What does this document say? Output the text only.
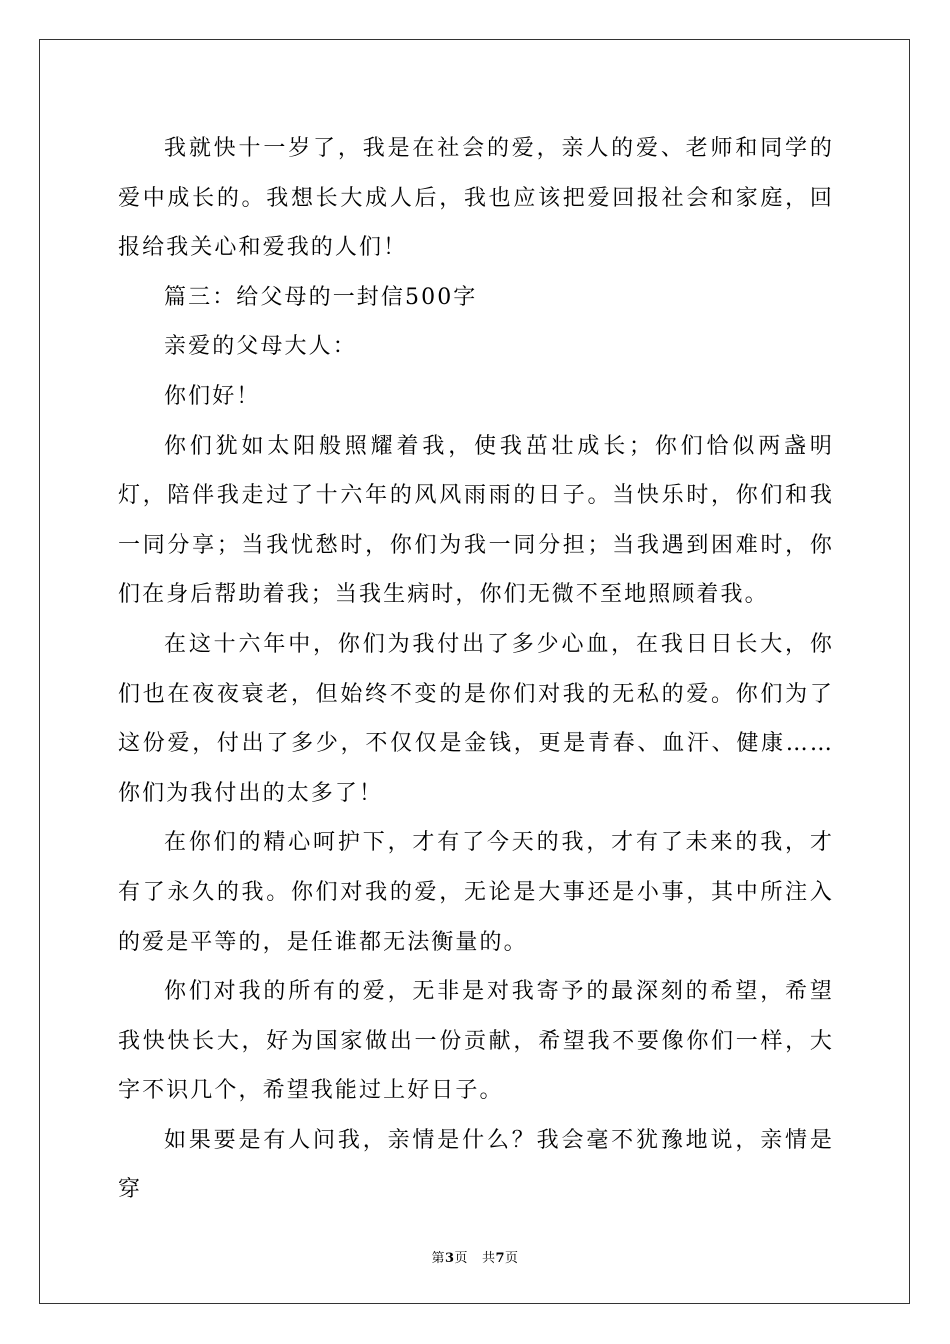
我就快十一岁了，我是在社会的爱，亲人的爱、老师和同学的爱中成长的。我想长大成人后，我也应该把爱回报社会和家庭，回报给我关心和爱我的人们！

篇三：给父母的一封信500字

亲爱的父母大人：

你们好！

你们犹如太阳般照耀着我，使我茁壮成长；你们恰似两盏明灯，陪伴我走过了十六年的风风雨雨的日子。当快乐时，你们和我一同分享；当我忧愁时，你们为我一同分担；当我遇到困难时，你们在身后帮助着我；当我生病时，你们无微不至地照顾着我。

在这十六年中，你们为我付出了多少心血，在我日日长大，你们也在夜夜衰老，但始终不变的是你们对我的无私的爱。你们为了这份爱，付出了多少，不仅仅是金钱，更是青春、血汗、健康……你们为我付出的太多了！

在你们的精心呵护下，才有了今天的我，才有了未来的我，才有了永久的我。你们对我的爱，无论是大事还是小事，其中所注入的爱是平等的，是任谁都无法衡量的。

你们对我的所有的爱，无非是对我寄予的最深刻的希望，希望我快快长大，好为国家做出一份贡献，希望我不要像你们一样，大字不识几个，希望我能过上好日子。

如果要是有人问我，亲情是什么？我会毫不犹豫地说，亲情是穿

第3页 共7页
